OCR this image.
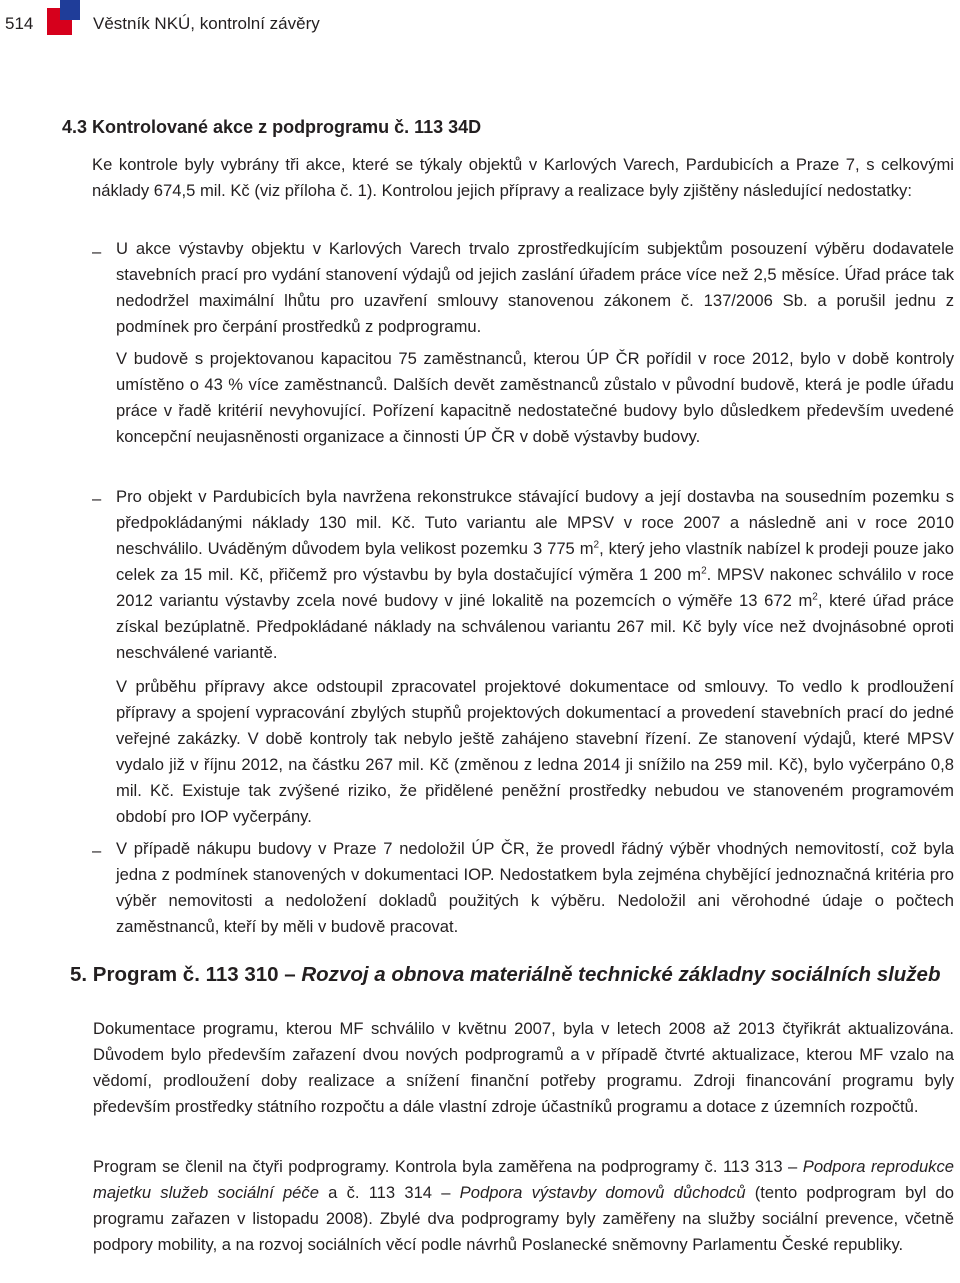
514	Věstník NKÚ, kontrolní závěry
4.3 Kontrolované akce z podprogramu č. 113 34D

Ke kontrole byly vybrány tři akce, které se týkaly objektů v Karlových Varech, Pardubicích a Praze 7, s celkovými náklady 674,5 mil. Kč (viz příloha č. 1). Kontrolou jejich přípravy a realizace byly zjištěny následující nedostatky:

– U akce výstavby objektu v Karlových Varech trvalo zprostředkujícím subjektům posouzení výběru dodavatele stavebních prací pro vydání stanovení výdajů od jejich zaslání úřadem práce více než 2,5 měsíce. Úřad práce tak nedodržel maximální lhůtu pro uzavření smlouvy stanovenou zákonem č. 137/2006 Sb. a porušil jednu z podmínek pro čerpání prostředků z podprogramu.

V budově s projektovanou kapacitou 75 zaměstnanců, kterou ÚP ČR pořídil v roce 2012, bylo v době kontroly umístěno o 43 % více zaměstnanců. Dalších devět zaměstnanců zůstalo v původní budově, která je podle úřadu práce v řadě kritérií nevyhovující. Pořízení kapacitně nedostatečné budovy bylo důsledkem především uvedené koncepční neujasněnosti organizace a činnosti ÚP ČR v době výstavby budovy.

– Pro objekt v Pardubicích byla navržena rekonstrukce stávající budovy a její dostavba na sousedním pozemku s předpokládanými náklady 130 mil. Kč. Tuto variantu ale MPSV v roce 2007 a následně ani v roce 2010 neschválilo. Uváděným důvodem byla velikost pozemku 3 775 $m^2$, který jeho vlastník nabízel k prodeji pouze jako celek za 15 mil. Kč, přičemž pro výstavbu by byla dostačující výměra 1 200 $m^2$. MPSV nakonec schválilo v roce 2012 variantu výstavby zcela nové budovy v jiné lokalitě na pozemcích o výměře 13 672 $m^2$, které úřad práce získal bezúplatně. Předpokládané náklady na schválenou variantu 267 mil. Kč byly více než dvojnásobné oproti neschválené variantě.

V průběhu přípravy akce odstoupil zpracovatel projektové dokumentace od smlouvy. To vedlo k prodloužení přípravy a spojení vypracování zbylých stupňů projektových dokumentací a provedení stavebních prací do jedné veřejné zakázky. V době kontroly tak nebylo ještě zahájeno stavební řízení. Ze stanovení výdajů, které MPSV vydalo již v říjnu 2012, na částku 267 mil. Kč (změnou z ledna 2014 ji snížilo na 259 mil. Kč), bylo vyčerpáno 0,8 mil. Kč. Existuje tak zvýšené riziko, že přidělené peněžní prostředky nebudou ve stanoveném programovém období pro IOP vyčerpány.

– V případě nákupu budovy v Praze 7 nedoložil ÚP ČR, že provedl řádný výběr vhodných nemovitostí, což byla jedna z podmínek stanovených v dokumentaci IOP. Nedostatkem byla zejména chybějící jednoznačná kritéria pro výběr nemovitosti a nedoložení dokladů použitých k výběru. Nedoložil ani věrohodné údaje o počtech zaměstnanců, kteří by měli v budově pracovat.

5. Program č. 113 310 – Rozvoj a obnova materiálně technické základny sociálních služeb

Dokumentace programu, kterou MF schválilo v květnu 2007, byla v letech 2008 až 2013 čtyřikrát aktualizována. Důvodem bylo především zařazení dvou nových podprogramů a v případě čtvrté aktualizace, kterou MF vzalo na vědomí, prodloužení doby realizace a snížení finanční potřeby programu. Zdroji financování programu byly především prostředky státního rozpočtu a dále vlastní zdroje účastníků programu a dotace z územních rozpočtů.

Program se členil na čtyři podprogramy. Kontrola byla zaměřena na podprogramy č. 113 313 – Podpora reprodukce majetku služeb sociální péče a č. 113 314 – Podpora výstavby domovů důchodců (tento podprogram byl do programu zařazen v listopadu 2008). Zbylé dva podprogramy byly zaměřeny na služby sociální prevence, včetně podpory mobility, a na rozvoj sociálních věcí podle návrhů Poslanecké sněmovny Parlamentu České republiky.
